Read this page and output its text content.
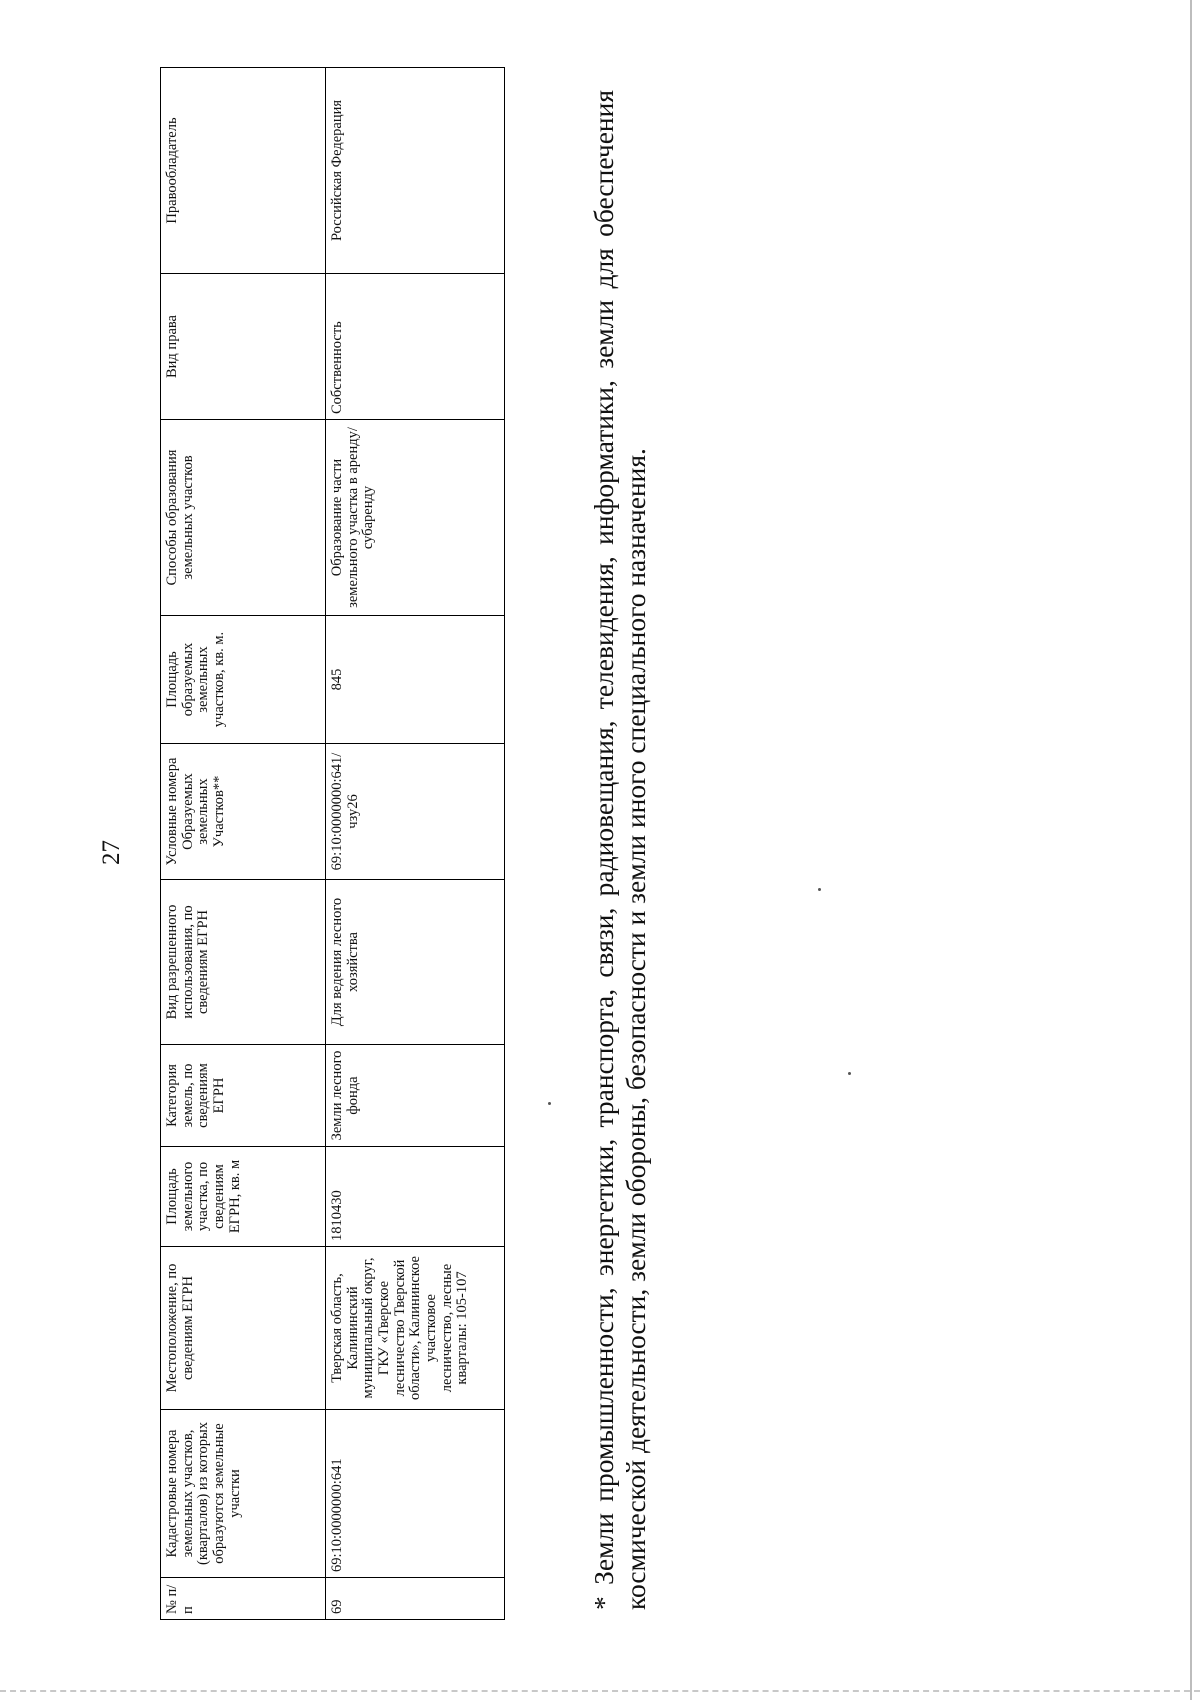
27
№ п/п	Кадастровые номера земельных участков, (кварталов) из которых образуются земельные участки	Местоположение, по сведениям ЕГРН	Площадь земельного участка, по сведениям ЕГРН, кв. м	Категория земель, по сведениям ЕГРН	Вид разрешенного использования, по сведениям ЕГРН	Условные номера Образуемых земельных Участков**	Площадь образуемых земельных участков, кв. м.	Способы образования земельных участков	Вид права	Правообладатель
69	69:10:0000000:641	Тверская область, Калининский муниципальный округ, ГКУ «Тверское лесничество Тверской области», Калининское участковое лесничество, лесные кварталы: 105-107	1810430	Земли лесного фонда	Для ведения лесного хозяйства	69:10:0000000:641/чзу26	845	Образование части земельного участка в аренду/субаренду	Собственность	Российская Федерация	* Земли промышленности, энергетики, транспорта, связи, радиовещания, телевидения, информатики, земли для обеспечения космической деятельности, земли обороны, безопасности и земли иного специального назначения.
